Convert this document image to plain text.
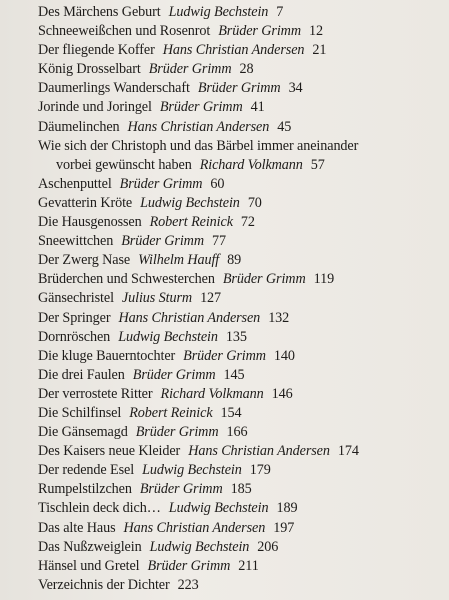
Des Märchens Geburt Ludwig Bechstein 7
Schneeweißchen und Rosenrot Brüder Grimm 12
Der fliegende Koffer Hans Christian Andersen 21
König Drosselbart Brüder Grimm 28
Daumerlings Wanderschaft Brüder Grimm 34
Jorinde und Joringel Brüder Grimm 41
Däumelinchen Hans Christian Andersen 45
Wie sich der Christoph und das Bärbel immer aneinander
vorbei gewünscht haben Richard Volkmann 57
Aschenputtel Brüder Grimm 60
Gevatterin Kröte Ludwig Bechstein 70
Die Hausgenossen Robert Reinick 72
Sneewittchen Brüder Grimm 77
Der Zwerg Nase Wilhelm Hauff 89
Brüderchen und Schwesterchen Brüder Grimm 119
Gänsechristel Julius Sturm 127
Der Springer Hans Christian Andersen 132
Dornröschen Ludwig Bechstein 135
Die kluge Bauerntochter Brüder Grimm 140
Die drei Faulen Brüder Grimm 145
Der verrostete Ritter Richard Volkmann 146
Die Schilfinsel Robert Reinick 154
Die Gänsemagd Brüder Grimm 166
Des Kaisers neue Kleider Hans Christian Andersen 174
Der redende Esel Ludwig Bechstein 179
Rumpelstilzchen Brüder Grimm 185
Tischlein deck dich… Ludwig Bechstein 189
Das alte Haus Hans Christian Andersen 197
Das Nußzweiglein Ludwig Bechstein 206
Hänsel und Gretel Brüder Grimm 211
Verzeichnis der Dichter 223
